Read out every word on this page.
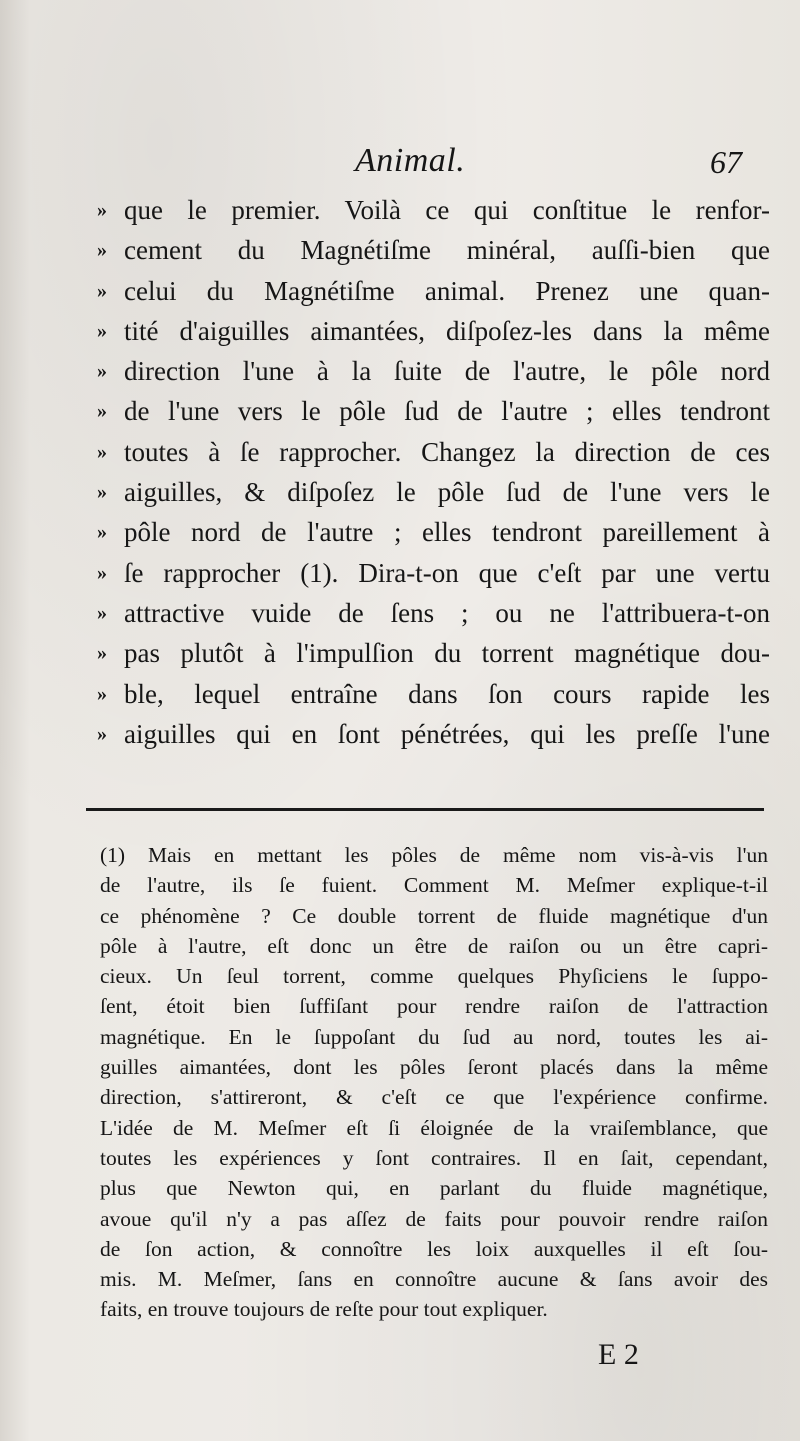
Animal.	67
» que le premier. Voilà ce qui conſtitue le renfor-
» cement du Magnétiſme minéral, auſſi-bien que
» celui du Magnétiſme animal. Prenez une quan-
» tité d'aiguilles aimantées, diſpoſez-les dans la même
» direction l'une à la ſuite de l'autre, le pôle nord
» de l'une vers le pôle ſud de l'autre ; elles tendront
» toutes à ſe rapprocher. Changez la direction de ces
» aiguilles, & diſpoſez le pôle ſud de l'une vers le
» pôle nord de l'autre ; elles tendront pareillement à
» ſe rapprocher (1). Dira-t-on que c'eſt par une vertu
» attractive vuide de ſens ; ou ne l'attribuera-t-on
» pas plutôt à l'impulſion du torrent magnétique dou-
» ble, lequel entraîne dans ſon cours rapide les
» aiguilles qui en ſont pénétrées, qui les preſſe l'une
(1) Mais en mettant les pôles de même nom vis-à-vis l'un
de l'autre, ils ſe fuient. Comment M. Meſmer explique-t-il
ce phénomène ? Ce double torrent de fluide magnétique d'un
pôle à l'autre, eſt donc un être de raiſon ou un être capri-
cieux. Un ſeul torrent, comme quelques Phyſiciens le ſuppo-
ſent, étoit bien ſuffiſant pour rendre raiſon de l'attraction
magnétique. En le ſuppoſant du ſud au nord, toutes les ai-
guilles aimantées, dont les pôles ſeront placés dans la même
direction, s'attireront, & c'eſt ce que l'expérience confirme.
L'idée de M. Meſmer eſt ſi éloignée de la vraiſemblance, que
toutes les expériences y ſont contraires. Il en ſait, cependant,
plus que Newton qui, en parlant du fluide magnétique,
avoue qu'il n'y a pas aſſez de faits pour pouvoir rendre raiſon
de ſon action, & connoître les loix auxquelles il eſt ſou-
mis. M. Meſmer, ſans en connoître aucune & ſans avoir des
faits, en trouve toujours de reſte pour tout expliquer.
E 2
